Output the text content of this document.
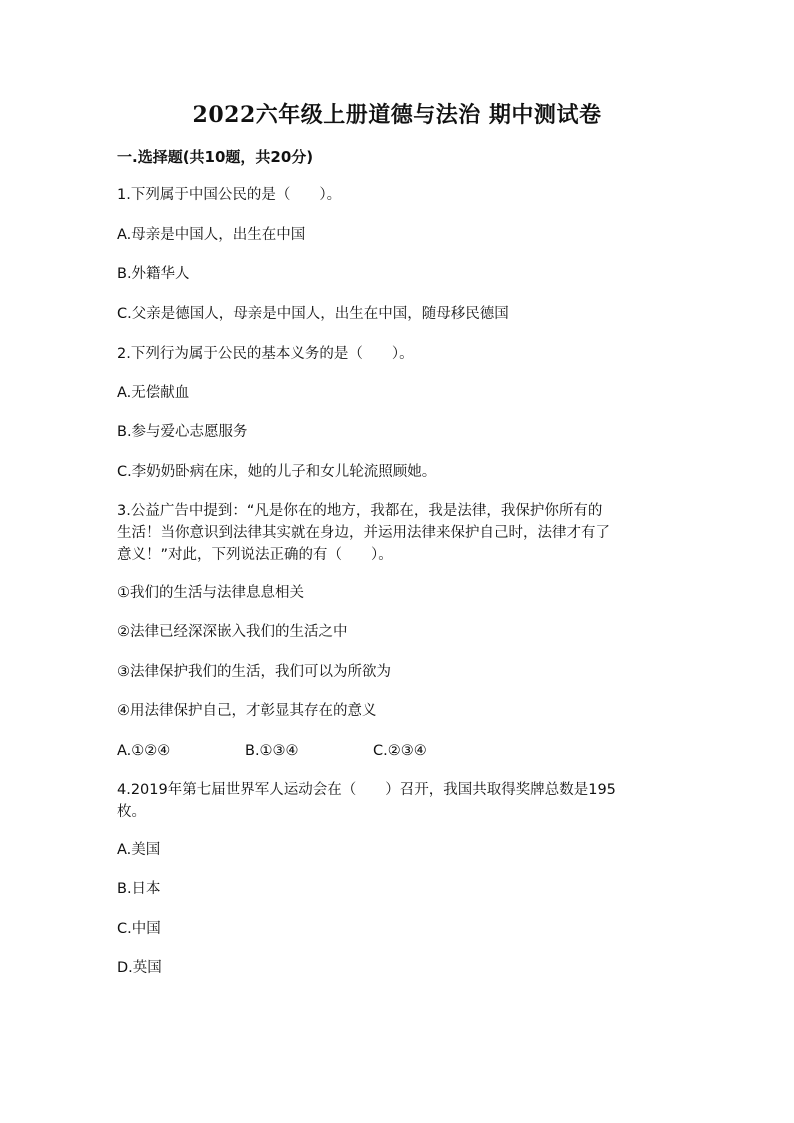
2022六年级上册道德与法治 期中测试卷
一.选择题(共10题，共20分)
1.下列属于中国公民的是（　　）。
A.母亲是中国人，出生在中国
B.外籍华人
C.父亲是德国人，母亲是中国人，出生在中国，随母移民德国
2.下列行为属于公民的基本义务的是（　　）。
A.无偿献血
B.参与爱心志愿服务
C.李奶奶卧病在床，她的儿子和女儿轮流照顾她。
3.公益广告中提到：“凡是你在的地方，我都在，我是法律，我保护你所有的
生活！当你意识到法律其实就在身边，并运用法律来保护自己时，法律才有了
意义！”对此，下列说法正确的有（　　）。
①我们的生活与法律息息相关
②法律已经深深嵌入我们的生活之中
③法律保护我们的生活，我们可以为所欲为
④用法律保护自己，才彰显其存在的意义
A.①②④	B.①③④	C.②③④
4.2019年第七届世界军人运动会在（　　）召开，我国共取得奖牌总数是195
枚。
A.美国
B.日本
C.中国
D.英国
